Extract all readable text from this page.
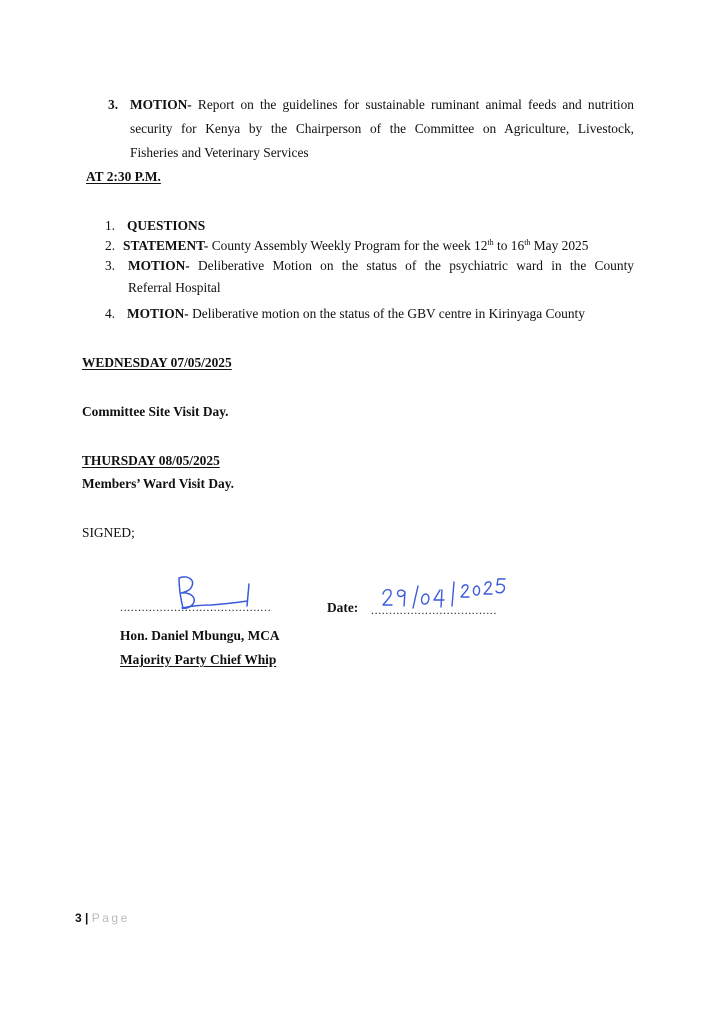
3. MOTION- Report on the guidelines for sustainable ruminant animal feeds and nutrition
security for Kenya by the Chairperson of the Committee on Agriculture, Livestock,
Fisheries and Veterinary Services
AT 2:30 P.M.
1. QUESTIONS
2. STATEMENT- County Assembly Weekly Program for the week 12th to 16th May 2025
3. MOTION- Deliberative Motion on the status of the psychiatric ward in the County
Referral Hospital
4. MOTION- Deliberative motion on the status of the GBV centre in Kirinyaga County
WEDNESDAY 07/05/2025
Committee Site Visit Day.
THURSDAY 08/05/2025
Members’ Ward Visit Day.
SIGNED;
..........................................	Date: ...................................
Hon. Daniel Mbungu, MCA
Majority Party Chief Whip
3 | Page
